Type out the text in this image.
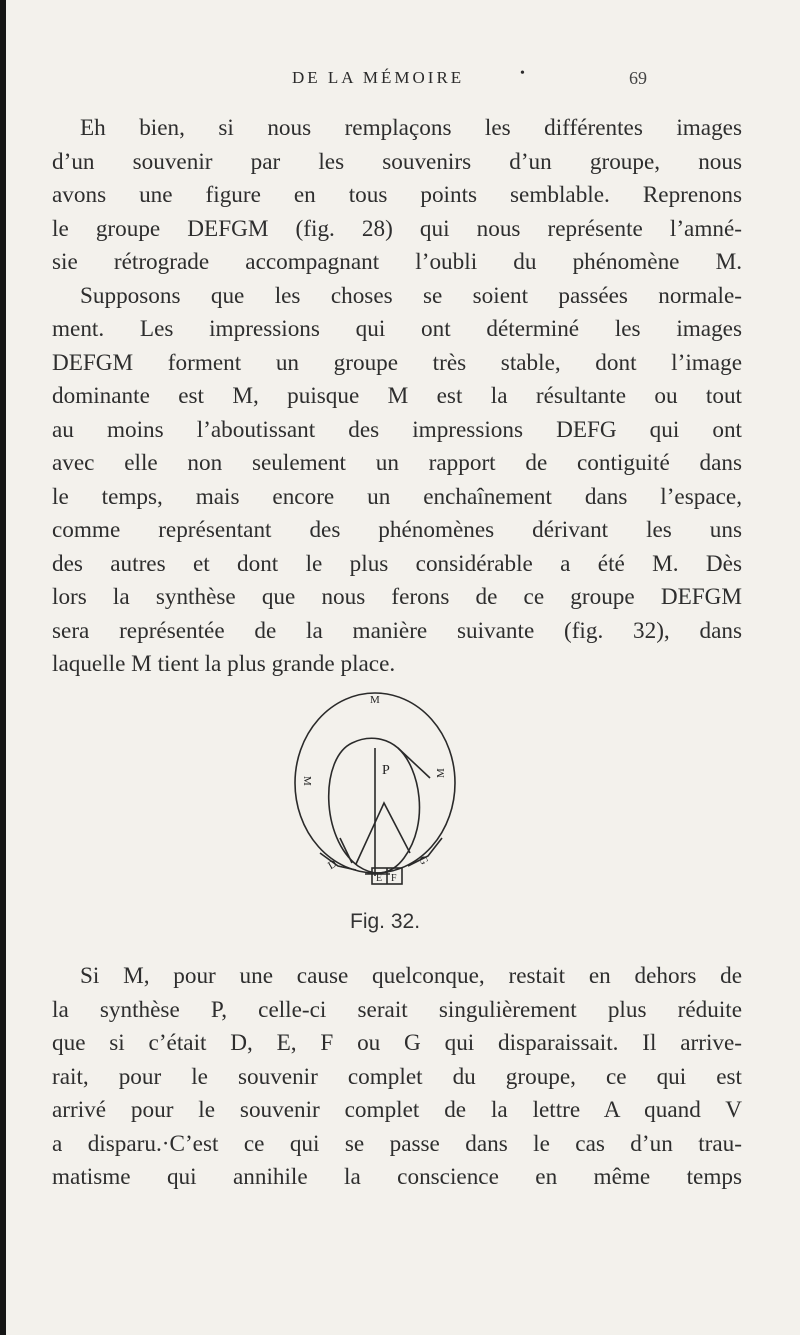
DE LA MÉMOIRE	•	69
Eh bien, si nous remplaçons les différentes images
d’un souvenir par les souvenirs d’un groupe, nous
avons une figure en tous points semblable. Reprenons
le groupe DEFGM (fig. 28) qui nous représente l’amné-
sie rétrograde accompagnant l’oubli du phénomène M.
Supposons que les choses se soient passées normale-
ment. Les impressions qui ont déterminé les images
DEFGM forment un groupe très stable, dont l’image
dominante est M, puisque M est la résultante ou tout
au moins l’aboutissant des impressions DEFG qui ont
avec elle non seulement un rapport de contiguité dans
le temps, mais encore un enchaînement dans l’espace,
comme représentant des phénomènes dérivant les uns
des autres et dont le plus considérable a été M. Dès
lors la synthèse que nous ferons de ce groupe DEFGM
sera représentée de la manière suivante (fig. 32), dans
laquelle M tient la plus grande place.
M
P
M
M
D
E F
G
Fig. 32.
Si M, pour une cause quelconque, restait en dehors de
la synthèse P, celle-ci serait singulièrement plus réduite
que si c’était D, E, F ou G qui disparaissait. Il arrive-
rait, pour le souvenir complet du groupe, ce qui est
arrivé pour le souvenir complet de la lettre A quand V
a disparu.·C’est ce qui se passe dans le cas d’un trau-
matisme qui annihile la conscience en même temps
